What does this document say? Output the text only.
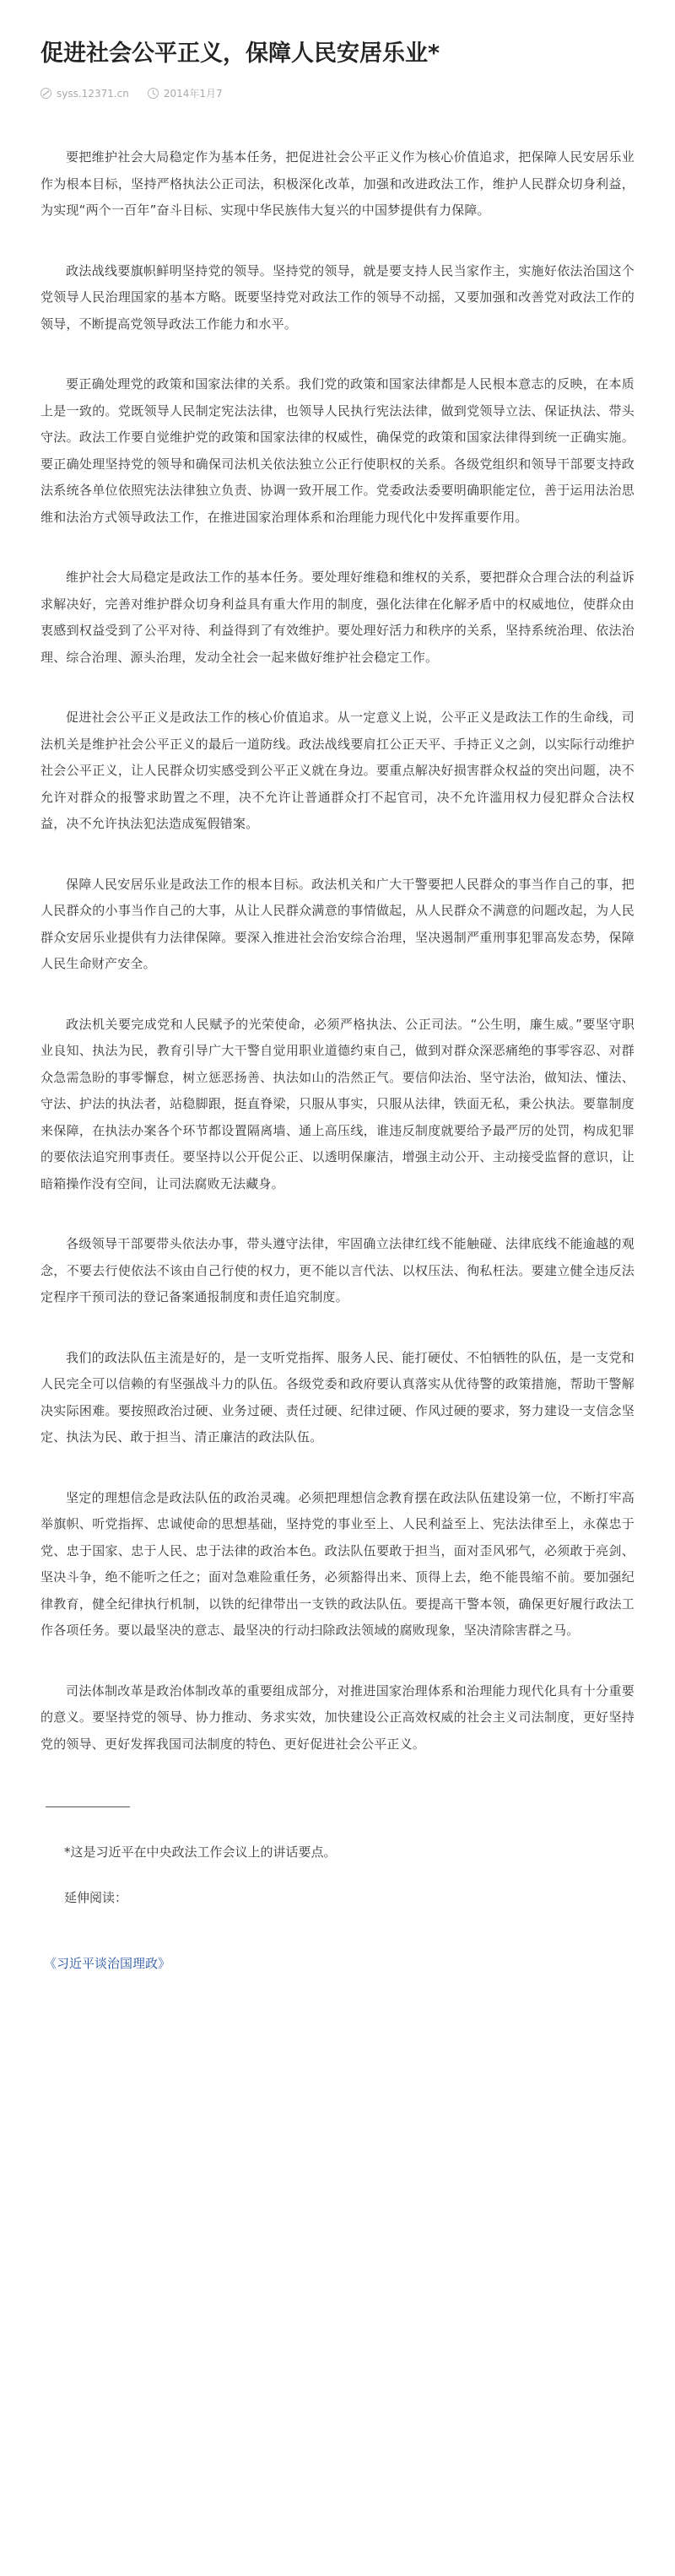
促进社会公平正义，保障人民安居乐业*
syss.12371.cn	2014年1月7

要把维护社会大局稳定作为基本任务，把促进社会公平正义作为核心价值追求，把保障人民安居乐业作为根本目标，坚持严格执法公正司法，积极深化改革，加强和改进政法工作，维护人民群众切身利益，为实现“两个一百年”奋斗目标、实现中华民族伟大复兴的中国梦提供有力保障。

政法战线要旗帜鲜明坚持党的领导。坚持党的领导，就是要支持人民当家作主，实施好依法治国这个党领导人民治理国家的基本方略。既要坚持党对政法工作的领导不动摇，又要加强和改善党对政法工作的领导，不断提高党领导政法工作能力和水平。

要正确处理党的政策和国家法律的关系。我们党的政策和国家法律都是人民根本意志的反映，在本质上是一致的。党既领导人民制定宪法法律，也领导人民执行宪法法律，做到党领导立法、保证执法、带头守法。政法工作要自觉维护党的政策和国家法律的权威性，确保党的政策和国家法律得到统一正确实施。要正确处理坚持党的领导和确保司法机关依法独立公正行使职权的关系。各级党组织和领导干部要支持政法系统各单位依照宪法法律独立负责、协调一致开展工作。党委政法委要明确职能定位，善于运用法治思维和法治方式领导政法工作，在推进国家治理体系和治理能力现代化中发挥重要作用。

维护社会大局稳定是政法工作的基本任务。要处理好维稳和维权的关系，要把群众合理合法的利益诉求解决好，完善对维护群众切身利益具有重大作用的制度，强化法律在化解矛盾中的权威地位，使群众由衷感到权益受到了公平对待、利益得到了有效维护。要处理好活力和秩序的关系，坚持系统治理、依法治理、综合治理、源头治理，发动全社会一起来做好维护社会稳定工作。

促进社会公平正义是政法工作的核心价值追求。从一定意义上说，公平正义是政法工作的生命线，司法机关是维护社会公平正义的最后一道防线。政法战线要肩扛公正天平、手持正义之剑，以实际行动维护社会公平正义，让人民群众切实感受到公平正义就在身边。要重点解决好损害群众权益的突出问题，决不允许对群众的报警求助置之不理，决不允许让普通群众打不起官司，决不允许滥用权力侵犯群众合法权益，决不允许执法犯法造成冤假错案。

保障人民安居乐业是政法工作的根本目标。政法机关和广大干警要把人民群众的事当作自己的事，把人民群众的小事当作自己的大事，从让人民群众满意的事情做起，从人民群众不满意的问题改起，为人民群众安居乐业提供有力法律保障。要深入推进社会治安综合治理，坚决遏制严重刑事犯罪高发态势，保障人民生命财产安全。

政法机关要完成党和人民赋予的光荣使命，必须严格执法、公正司法。“公生明，廉生威。”要坚守职业良知、执法为民，教育引导广大干警自觉用职业道德约束自己，做到对群众深恶痛绝的事零容忍、对群众急需急盼的事零懈怠，树立惩恶扬善、执法如山的浩然正气。要信仰法治、坚守法治，做知法、懂法、守法、护法的执法者，站稳脚跟，挺直脊梁，只服从事实，只服从法律，铁面无私，秉公执法。要靠制度来保障，在执法办案各个环节都设置隔离墙、通上高压线，谁违反制度就要给予最严厉的处罚，构成犯罪的要依法追究刑事责任。要坚持以公开促公正、以透明保廉洁，增强主动公开、主动接受监督的意识，让暗箱操作没有空间，让司法腐败无法藏身。

各级领导干部要带头依法办事，带头遵守法律，牢固确立法律红线不能触碰、法律底线不能逾越的观念，不要去行使依法不该由自己行使的权力，更不能以言代法、以权压法、徇私枉法。要建立健全违反法定程序干预司法的登记备案通报制度和责任追究制度。

我们的政法队伍主流是好的，是一支听党指挥、服务人民、能打硬仗、不怕牺牲的队伍，是一支党和人民完全可以信赖的有坚强战斗力的队伍。各级党委和政府要认真落实从优待警的政策措施，帮助干警解决实际困难。要按照政治过硬、业务过硬、责任过硬、纪律过硬、作风过硬的要求，努力建设一支信念坚定、执法为民、敢于担当、清正廉洁的政法队伍。

坚定的理想信念是政法队伍的政治灵魂。必须把理想信念教育摆在政法队伍建设第一位，不断打牢高举旗帜、听党指挥、忠诚使命的思想基础，坚持党的事业至上、人民利益至上、宪法法律至上，永葆忠于党、忠于国家、忠于人民、忠于法律的政治本色。政法队伍要敢于担当，面对歪风邪气，必须敢于亮剑、坚决斗争，绝不能听之任之；面对急难险重任务，必须豁得出来、顶得上去，绝不能畏缩不前。要加强纪律教育，健全纪律执行机制，以铁的纪律带出一支铁的政法队伍。要提高干警本领，确保更好履行政法工作各项任务。要以最坚决的意志、最坚决的行动扫除政法领域的腐败现象，坚决清除害群之马。

司法体制改革是政治体制改革的重要组成部分，对推进国家治理体系和治理能力现代化具有十分重要的意义。要坚持党的领导、协力推动、务求实效，加快建设公正高效权威的社会主义司法制度，更好坚持党的领导、更好发挥我国司法制度的特色、更好促进社会公平正义。

*这是习近平在中央政法工作会议上的讲话要点。

延伸阅读：

《习近平谈治国理政》
